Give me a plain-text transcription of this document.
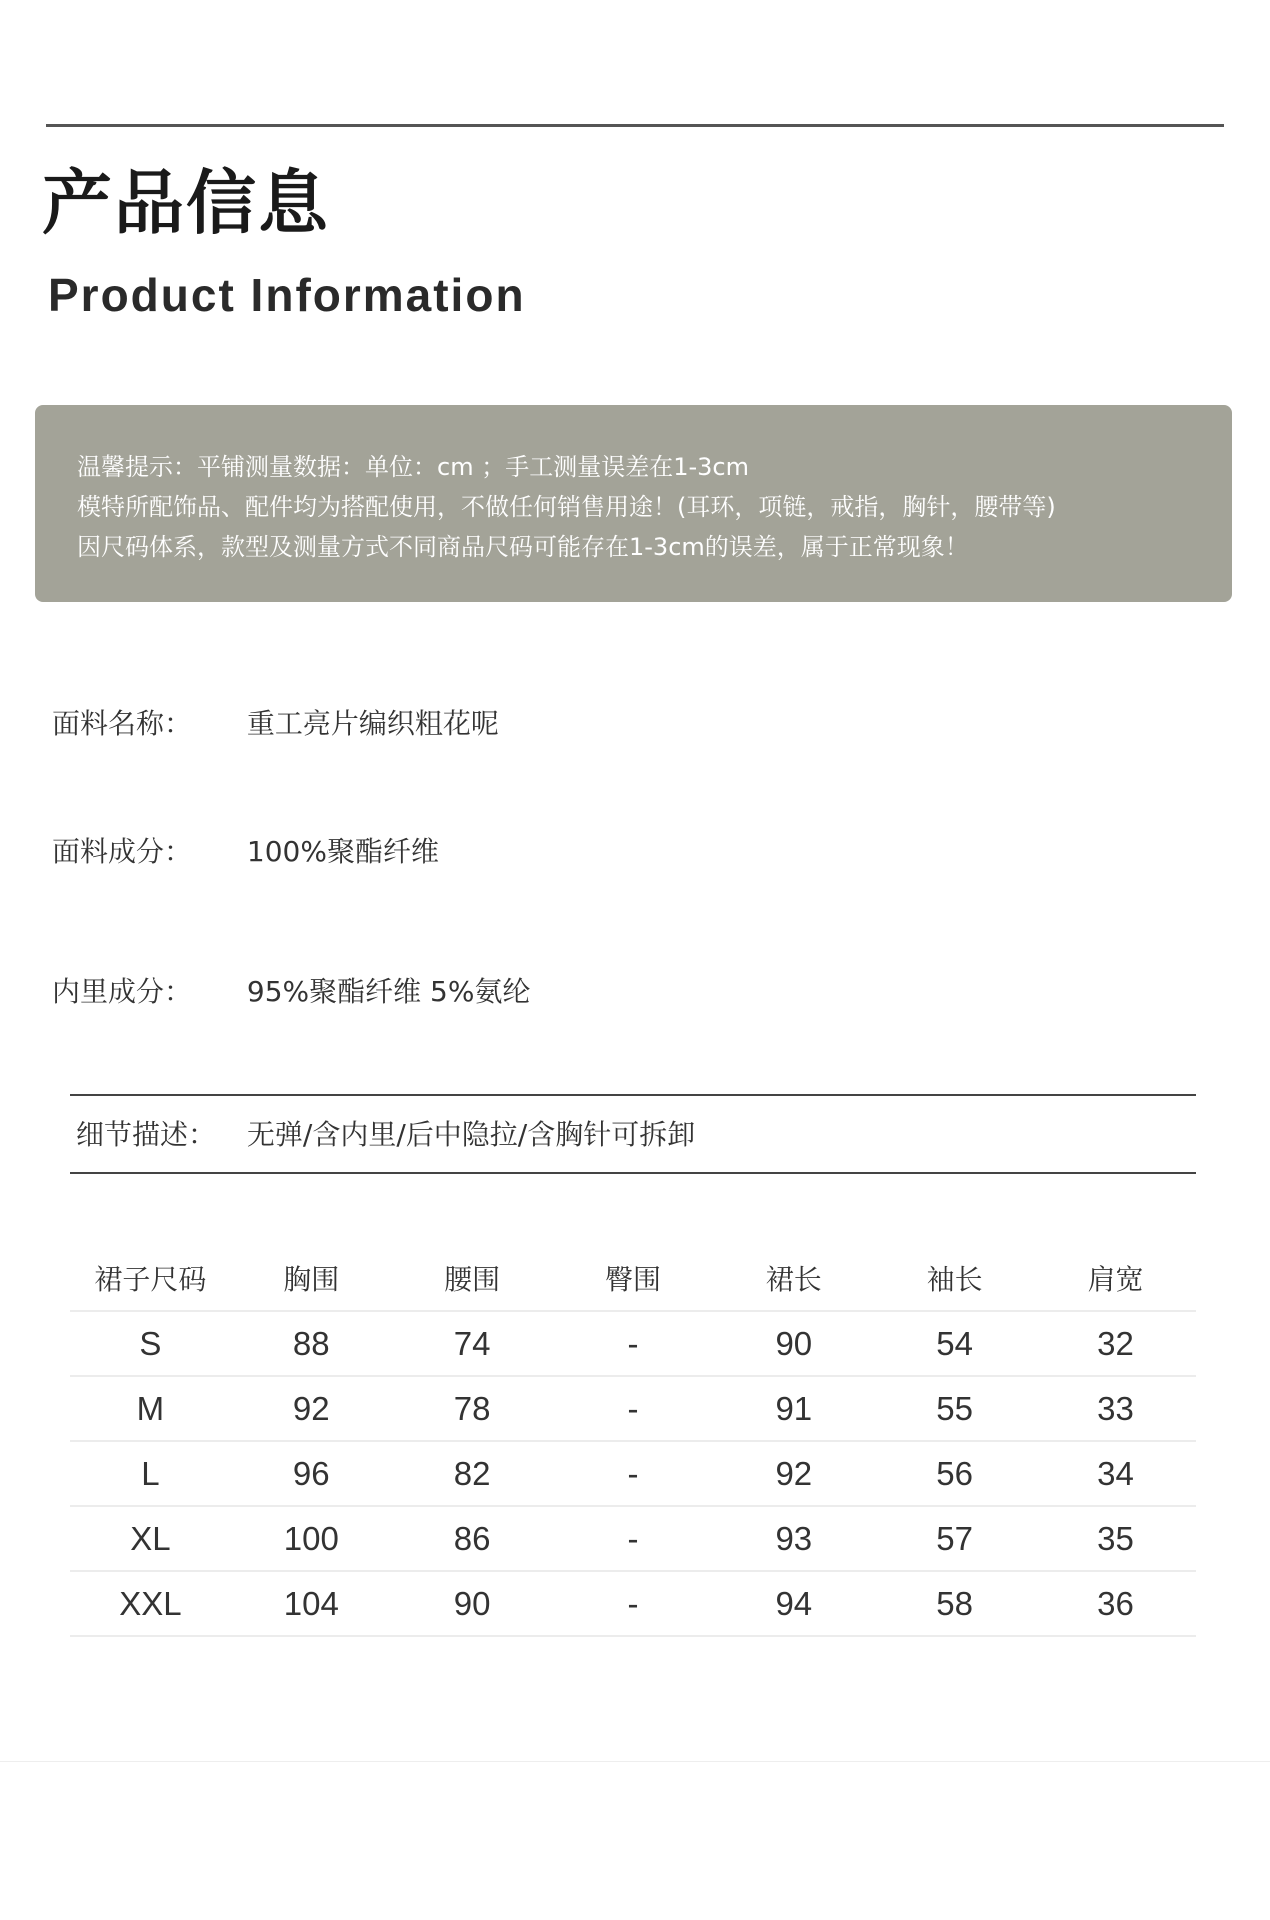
产品信息
Product Information
温馨提示：平铺测量数据：单位：cm ；手工测量误差在1-3cm
模特所配饰品、配件均为搭配使用，不做任何销售用途！(耳环，项链，戒指，胸针，腰带等)
因尺码体系，款型及测量方式不同商品尺码可能存在1-3cm的误差，属于正常现象！
面料名称： 重工亮片编织粗花呢
面料成分： 100%聚酯纤维
内里成分： 95%聚酯纤维 5%氨纶
细节描述： 无弹/含内里/后中隐拉/含胸针可拆卸
裙子尺码	胸围	腰围	臀围	裙长	袖长	肩宽
S	88	74	-	90	54	32
M	92	78	-	91	55	33
L	96	82	-	92	56	34
XL	100	86	-	93	57	35
XXL	104	90	-	94	58	36
